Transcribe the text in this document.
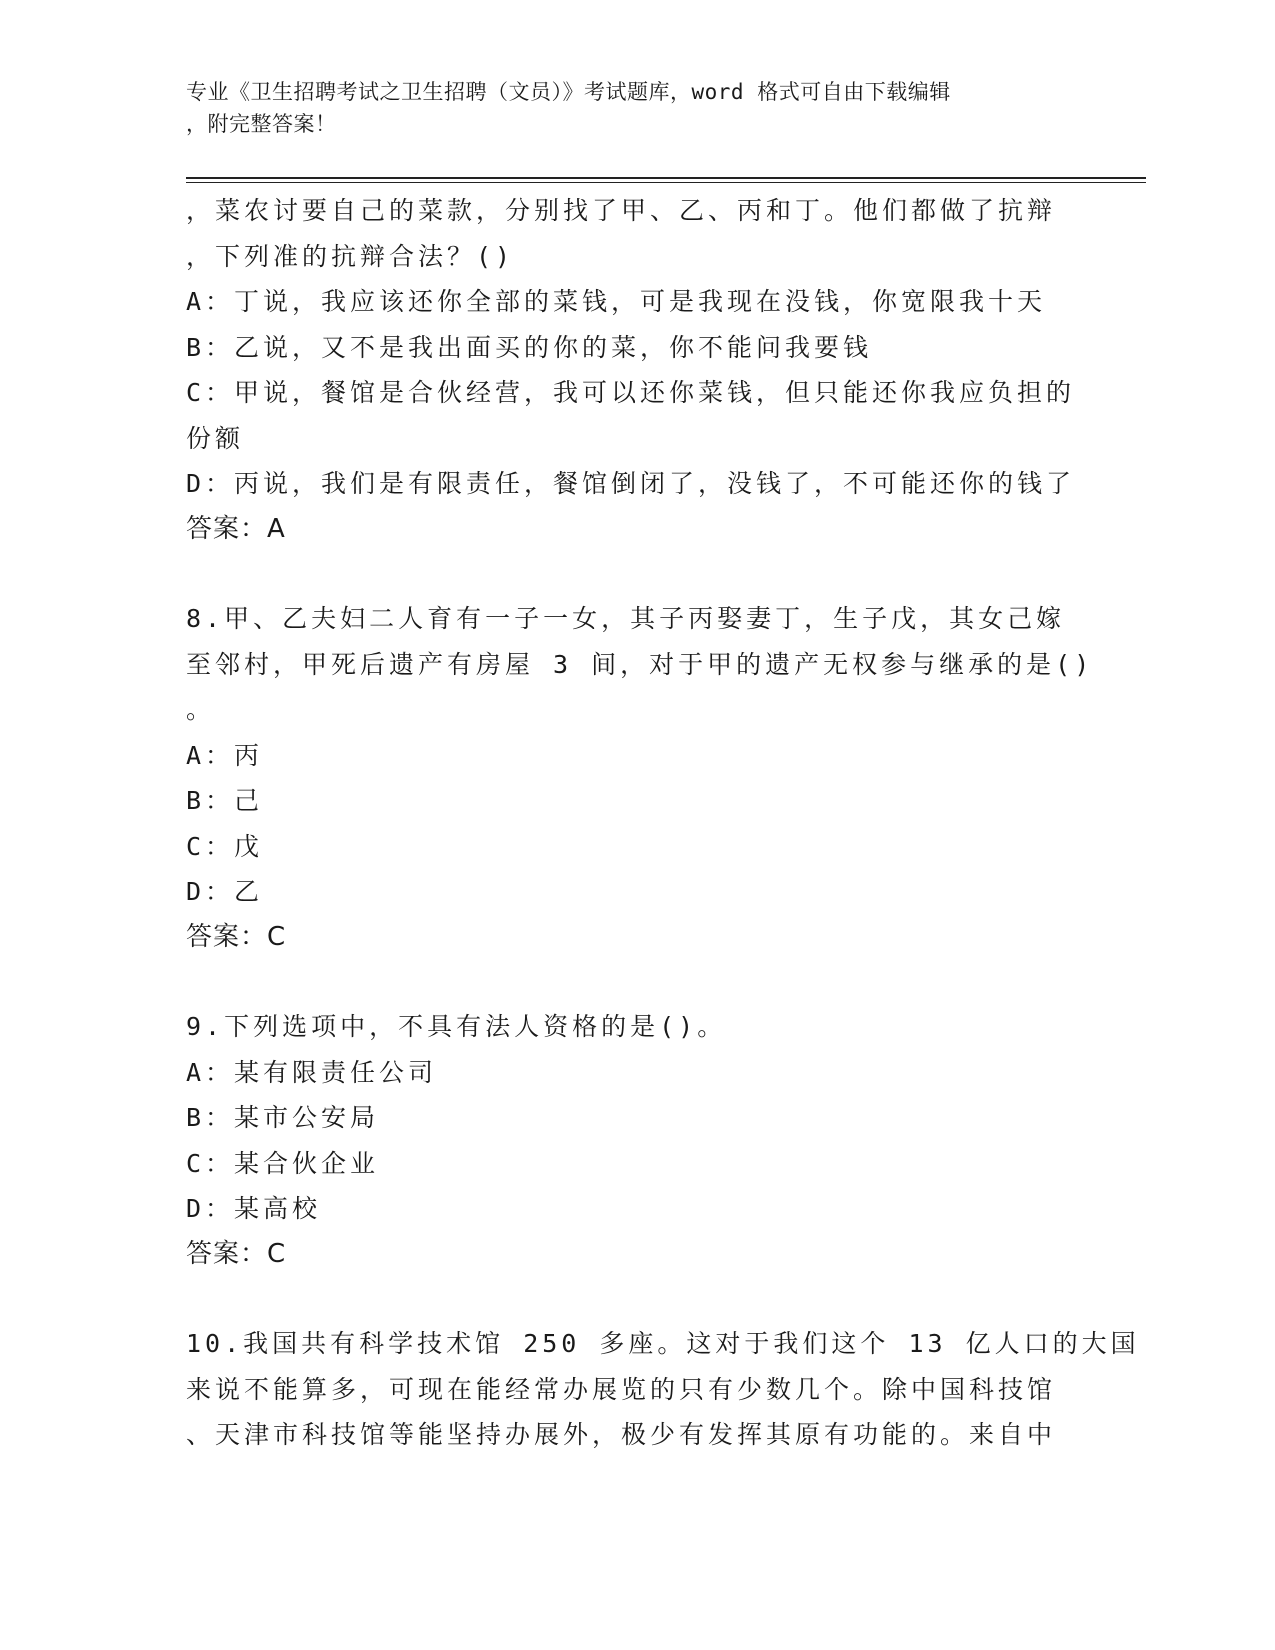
专业《卫生招聘考试之卫生招聘（文员）》考试题库，word 格式可自由下载编辑
，附完整答案！
，菜农讨要自己的菜款，分别找了甲、乙、丙和丁。他们都做了抗辩
，下列准的抗辩合法？()
A：丁说，我应该还你全部的菜钱，可是我现在没钱，你宽限我十天
B：乙说，又不是我出面买的你的菜，你不能问我要钱
C：甲说，餐馆是合伙经营，我可以还你菜钱，但只能还你我应负担的
份额
D：丙说，我们是有限责任，餐馆倒闭了，没钱了，不可能还你的钱了
答案：A
8.甲、乙夫妇二人育有一子一女，其子丙娶妻丁，生子戊，其女己嫁
至邻村，甲死后遗产有房屋 3 间，对于甲的遗产无权参与继承的是()
。
A：丙
B：己
C：戊
D：乙
答案：C
9.下列选项中，不具有法人资格的是()。
A：某有限责任公司
B：某市公安局
C：某合伙企业
D：某高校
答案：C
10.我国共有科学技术馆 250 多座。这对于我们这个 13 亿人口的大国
来说不能算多，可现在能经常办展览的只有少数几个。除中国科技馆
、天津市科技馆等能坚持办展外，极少有发挥其原有功能的。来自中
